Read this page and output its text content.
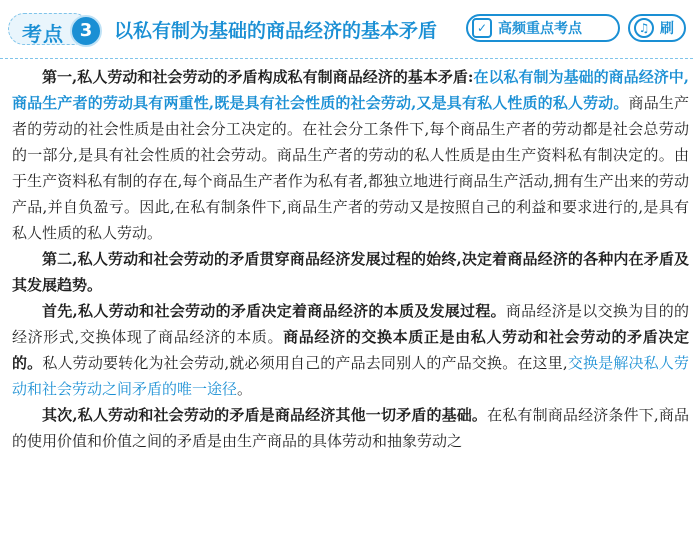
考点 3	以私有制为基础的商品经济的基本矛盾	✓ 高频重点考点	♫ 刷

第一,私人劳动和社会劳动的矛盾构成私有制商品经济的基本矛盾:在以私有制为基础的商品经济中,商品生产者的劳动具有两重性,既是具有社会性质的社会劳动,又是具有私人性质的私人劳动。商品生产者的劳动的社会性质是由社会分工决定的。在社会分工条件下,每个商品生产者的劳动都是社会总劳动的一部分,是具有社会性质的社会劳动。商品生产者的劳动的私人性质是由生产资料私有制决定的。由于生产资料私有制的存在,每个商品生产者作为私有者,都独立地进行商品生产活动,拥有生产出来的劳动产品,并自负盈亏。因此,在私有制条件下,商品生产者的劳动又是按照自己的利益和要求进行的,是具有私人性质的私人劳动。

第二,私人劳动和社会劳动的矛盾贯穿商品经济发展过程的始终,决定着商品经济的各种内在矛盾及其发展趋势。

首先,私人劳动和社会劳动的矛盾决定着商品经济的本质及发展过程。商品经济是以交换为目的的经济形式,交换体现了商品经济的本质。商品经济的交换本质正是由私人劳动和社会劳动的矛盾决定的。私人劳动要转化为社会劳动,就必须用自己的产品去同别人的产品交换。在这里,交换是解决私人劳动和社会劳动之间矛盾的唯一途径。

其次,私人劳动和社会劳动的矛盾是商品经济其他一切矛盾的基础。在私有制商品经济条件下,商品的使用价值和价值之间的矛盾是由生产商品的具体劳动和抽象劳动之
